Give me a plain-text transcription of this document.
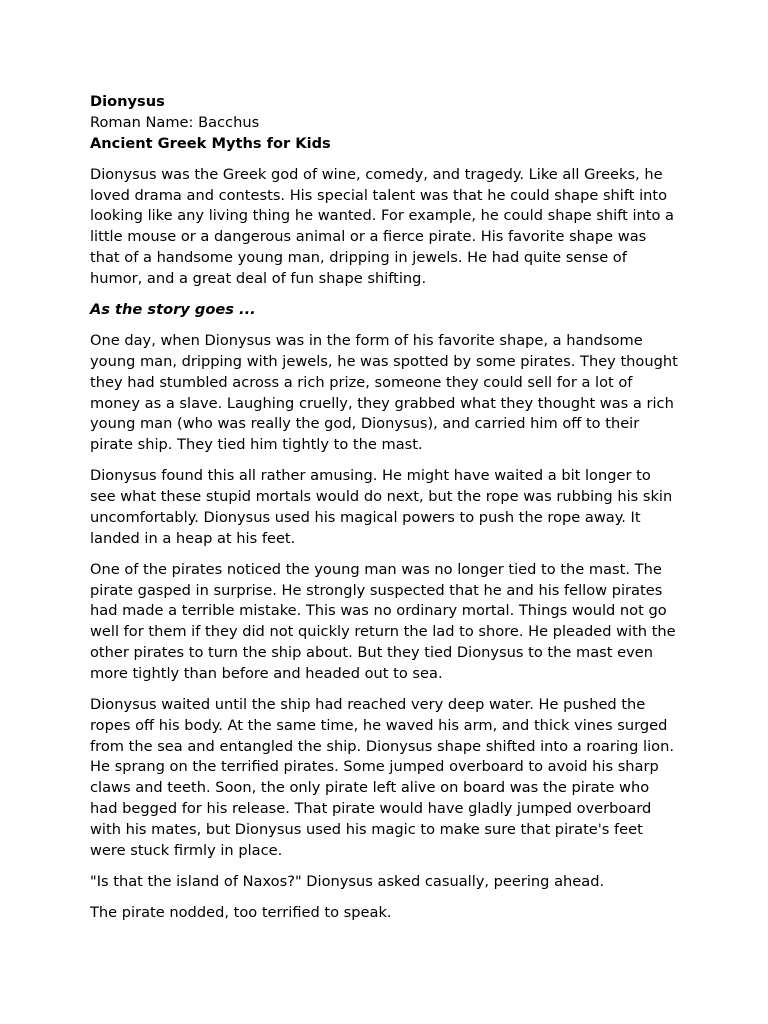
Dionysus

Roman Name: Bacchus

Ancient Greek Myths for Kids

Dionysus was the Greek god of wine, comedy, and tragedy. Like all Greeks, he loved drama and contests. His special talent was that he could shape shift into looking like any living thing he wanted. For example, he could shape shift into a little mouse or a dangerous animal or a fierce pirate. His favorite shape was that of a handsome young man, dripping in jewels. He had quite sense of humor, and a great deal of fun shape shifting.

As the story goes ...

One day, when Dionysus was in the form of his favorite shape, a handsome young man, dripping with jewels, he was spotted by some pirates. They thought they had stumbled across a rich prize, someone they could sell for a lot of money as a slave. Laughing cruelly, they grabbed what they thought was a rich young man (who was really the god, Dionysus), and carried him off to their pirate ship. They tied him tightly to the mast.

Dionysus found this all rather amusing. He might have waited a bit longer to see what these stupid mortals would do next, but the rope was rubbing his skin uncomfortably. Dionysus used his magical powers to push the rope away. It landed in a heap at his feet.

One of the pirates noticed the young man was no longer tied to the mast. The pirate gasped in surprise. He strongly suspected that he and his fellow pirates had made a terrible mistake. This was no ordinary mortal. Things would not go well for them if they did not quickly return the lad to shore. He pleaded with the other pirates to turn the ship about. But they tied Dionysus to the mast even more tightly than before and headed out to sea.

Dionysus waited until the ship had reached very deep water. He pushed the ropes off his body. At the same time, he waved his arm, and thick vines surged from the sea and entangled the ship. Dionysus shape shifted into a roaring lion. He sprang on the terrified pirates. Some jumped overboard to avoid his sharp claws and teeth. Soon, the only pirate left alive on board was the pirate who had begged for his release. That pirate would have gladly jumped overboard with his mates, but Dionysus used his magic to make sure that pirate's feet were stuck firmly in place.

"Is that the island of Naxos?" Dionysus asked casually, peering ahead.

The pirate nodded, too terrified to speak.
